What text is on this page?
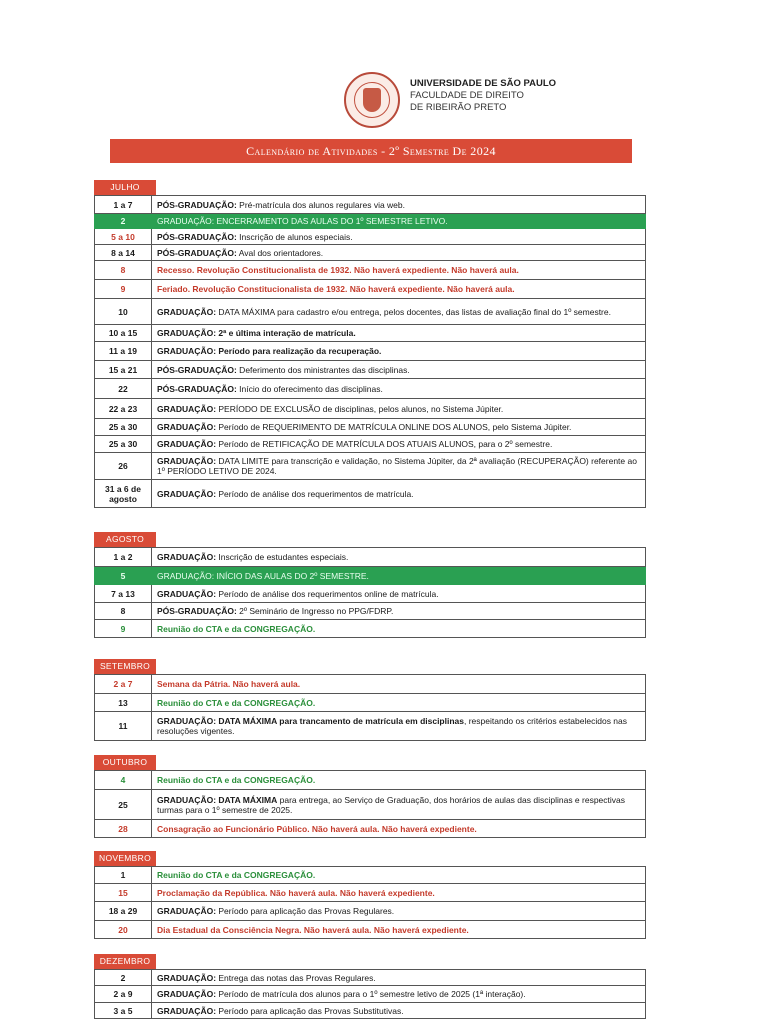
UNIVERSIDADE DE SÃO PAULO
FACULDADE DE DIREITO
DE RIBEIRÃO PRETO
Calendário de Atividades - 2º Semestre De 2024
JULHO
1 a 7	PÓS-GRADUAÇÃO: Pré-matrícula dos alunos regulares via web.
2	GRADUAÇÃO: ENCERRAMENTO DAS AULAS DO 1º SEMESTRE LETIVO.
5 a 10	PÓS-GRADUAÇÃO: Inscrição de alunos especiais.
8 a 14	PÓS-GRADUAÇÃO: Aval dos orientadores.
8	Recesso. Revolução Constitucionalista de 1932. Não haverá expediente. Não haverá aula.
9	Feriado. Revolução Constitucionalista de 1932. Não haverá expediente. Não haverá aula.
10	GRADUAÇÃO: DATA MÁXIMA para cadastro e/ou entrega, pelos docentes, das listas de avaliação final do 1º semestre.
10 a 15	GRADUAÇÃO: 2ª e última interação de matrícula.
11 a 19	GRADUAÇÃO: Período para realização da recuperação.
15 a 21	PÓS-GRADUAÇÃO: Deferimento dos ministrantes das disciplinas.
22	PÓS-GRADUAÇÃO: Início do oferecimento das disciplinas.
22 a 23	GRADUAÇÃO: PERÍODO DE EXCLUSÃO de disciplinas, pelos alunos, no Sistema Júpiter.
25 a 30	GRADUAÇÃO: Período de REQUERIMENTO DE MATRÍCULA ONLINE DOS ALUNOS, pelo Sistema Júpiter.
25 a 30	GRADUAÇÃO: Período de RETIFICAÇÃO DE MATRÍCULA DOS ATUAIS ALUNOS, para o 2º semestre.
26	GRADUAÇÃO: DATA LIMITE para transcrição e validação, no Sistema Júpiter, da 2ª avaliação (RECUPERAÇÃO) referente ao 1º PERÍODO LETIVO DE 2024.
31 a 6 de agosto	GRADUAÇÃO: Período de análise dos requerimentos de matrícula.
AGOSTO
1 a 2	GRADUAÇÃO: Inscrição de estudantes especiais.
5	GRADUAÇÃO: INÍCIO DAS AULAS DO 2º SEMESTRE.
7 a 13	GRADUAÇÃO: Período de análise dos requerimentos online de matrícula.
8	PÓS-GRADUAÇÃO: 2º Seminário de Ingresso no PPG/FDRP.
9	Reunião do CTA e da CONGREGAÇÃO.
SETEMBRO
2 a 7	Semana da Pátria. Não haverá aula.
13	Reunião do CTA e da CONGREGAÇÃO.
11	GRADUAÇÃO: DATA MÁXIMA para trancamento de matrícula em disciplinas, respeitando os critérios estabelecidos nas resoluções vigentes.
OUTUBRO
4	Reunião do CTA e da CONGREGAÇÃO.
25	GRADUAÇÃO: DATA MÁXIMA para entrega, ao Serviço de Graduação, dos horários de aulas das disciplinas e respectivas turmas para o 1º semestre de 2025.
28	Consagração ao Funcionário Público. Não haverá aula. Não haverá expediente.
NOVEMBRO
1	Reunião do CTA e da CONGREGAÇÃO.
15	Proclamação da República. Não haverá aula. Não haverá expediente.
18 a 29	GRADUAÇÃO: Período para aplicação das Provas Regulares.
20	Dia Estadual da Consciência Negra. Não haverá aula. Não haverá expediente.
DEZEMBRO
2	GRADUAÇÃO: Entrega das notas das Provas Regulares.
2 a 9	GRADUAÇÃO: Período de matrícula dos alunos para o 1º semestre letivo de 2025 (1ª interação).
3 a 5	GRADUAÇÃO: Período para aplicação das Provas Substitutivas.
